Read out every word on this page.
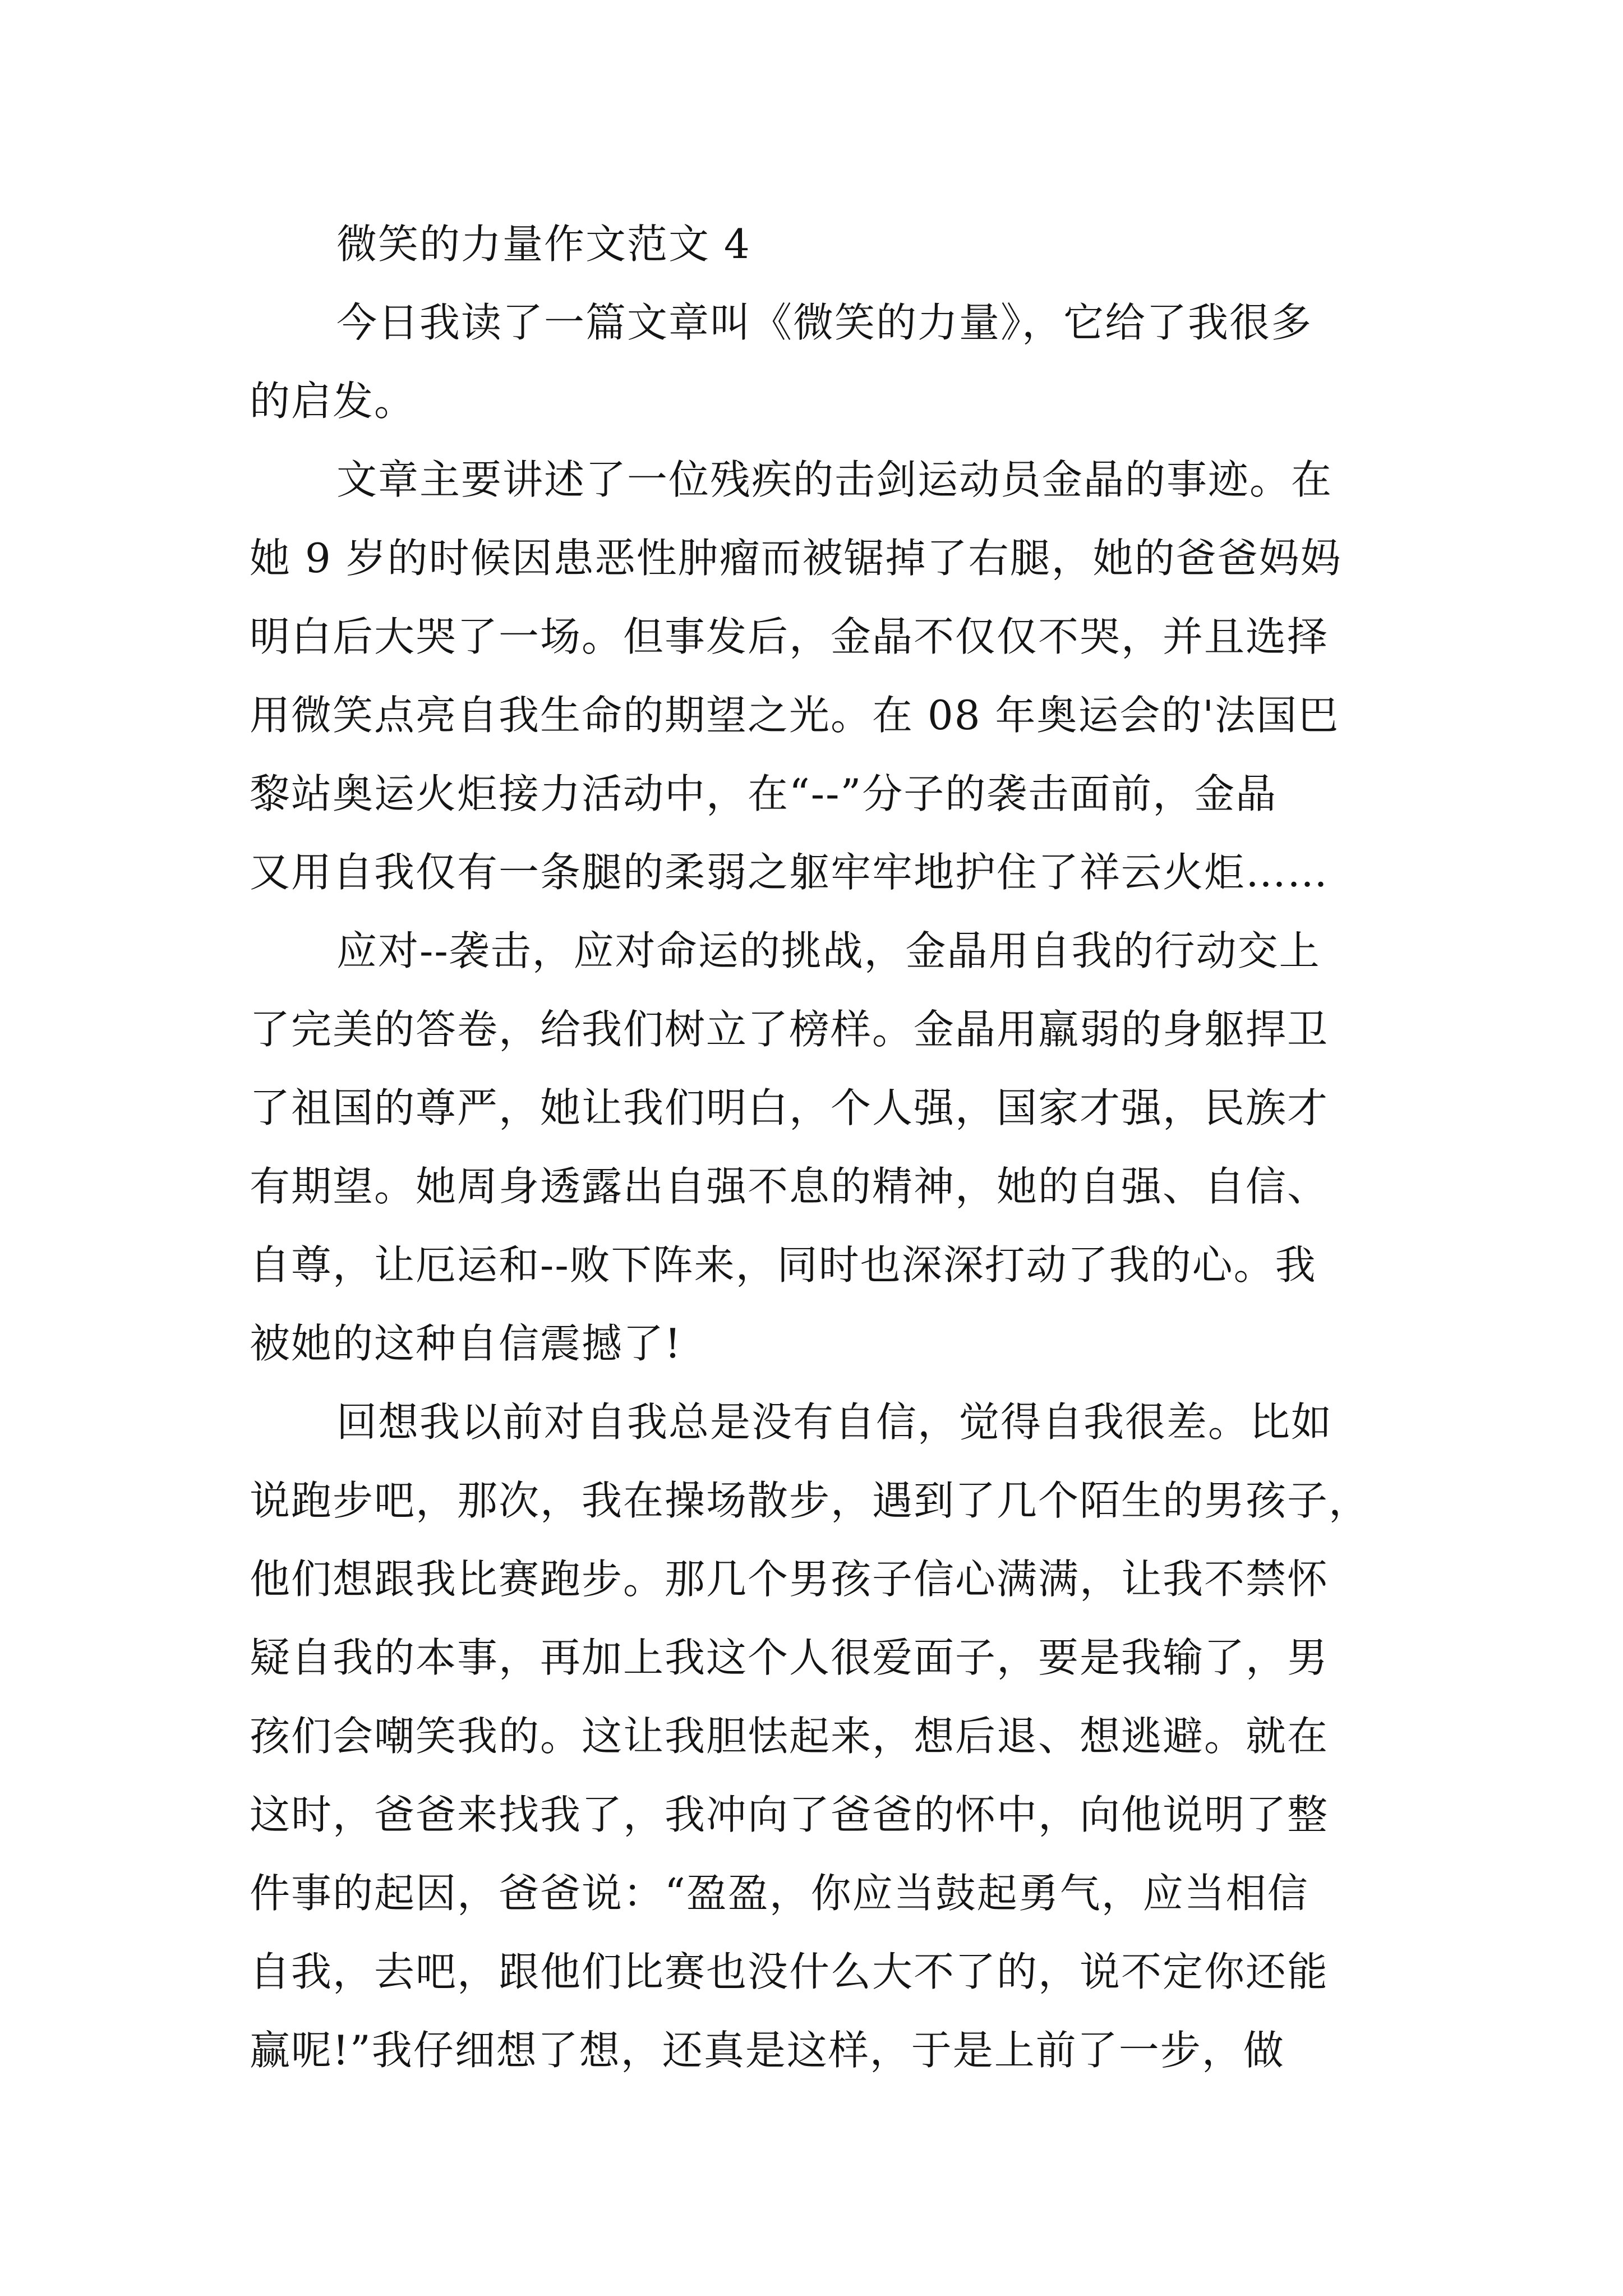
微笑的力量作文范文 4
今日我读了一篇文章叫《微笑的力量》，它给了我很多
的启发。
文章主要讲述了一位残疾的击剑运动员金晶的事迹。在
她 9 岁的时候因患恶性肿瘤而被锯掉了右腿，她的爸爸妈妈
明白后大哭了一场。但事发后，金晶不仅仅不哭，并且选择
用微笑点亮自我生命的期望之光。在 08 年奥运会的'法国巴
黎站奥运火炬接力活动中，在“--”分子的袭击面前，金晶
又用自我仅有一条腿的柔弱之躯牢牢地护住了祥云火炬……
应对--袭击，应对命运的挑战，金晶用自我的行动交上
了完美的答卷，给我们树立了榜样。金晶用羸弱的身躯捍卫
了祖国的尊严，她让我们明白，个人强，国家才强，民族才
有期望。她周身透露出自强不息的精神，她的自强、自信、
自尊，让厄运和--败下阵来，同时也深深打动了我的心。我
被她的这种自信震撼了!
回想我以前对自我总是没有自信，觉得自我很差。比如
说跑步吧，那次，我在操场散步，遇到了几个陌生的男孩子，
他们想跟我比赛跑步。那几个男孩子信心满满，让我不禁怀
疑自我的本事，再加上我这个人很爱面子，要是我输了，男
孩们会嘲笑我的。这让我胆怯起来，想后退、想逃避。就在
这时，爸爸来找我了，我冲向了爸爸的怀中，向他说明了整
件事的起因，爸爸说：“盈盈，你应当鼓起勇气，应当相信
自我，去吧，跟他们比赛也没什么大不了的，说不定你还能
赢呢!”我仔细想了想，还真是这样，于是上前了一步，做
